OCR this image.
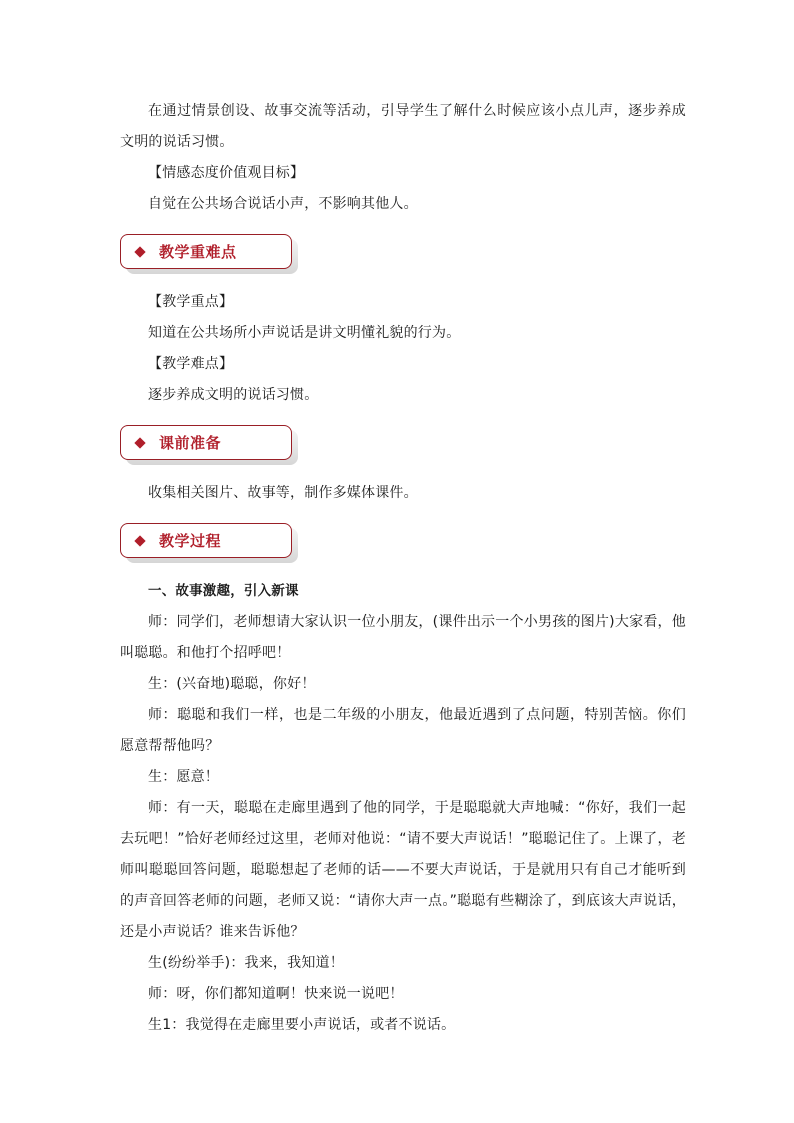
在通过情景创设、故事交流等活动，引导学生了解什么时候应该小点儿声，逐步养成文明的说话习惯。

【情感态度价值观目标】

自觉在公共场合说话小声，不影响其他人。

教学重难点

【教学重点】

知道在公共场所小声说话是讲文明懂礼貌的行为。

【教学难点】

逐步养成文明的说话习惯。

课前准备

收集相关图片、故事等，制作多媒体课件。

教学过程

一、故事激趣，引入新课

师：同学们，老师想请大家认识一位小朋友，(课件出示一个小男孩的图片)大家看，他叫聪聪。和他打个招呼吧！

生：(兴奋地)聪聪，你好！

师：聪聪和我们一样，也是二年级的小朋友，他最近遇到了点问题，特别苦恼。你们愿意帮帮他吗？

生：愿意！

师：有一天，聪聪在走廊里遇到了他的同学，于是聪聪就大声地喊：“你好，我们一起去玩吧！”恰好老师经过这里，老师对他说：“请不要大声说话！”聪聪记住了。上课了，老师叫聪聪回答问题，聪聪想起了老师的话——不要大声说话，于是就用只有自己才能听到的声音回答老师的问题，老师又说：“请你大声一点。”聪聪有些糊涂了，到底该大声说话，还是小声说话？谁来告诉他？

生(纷纷举手)：我来，我知道！

师：呀，你们都知道啊！快来说一说吧！

生1：我觉得在走廊里要小声说话，或者不说话。
